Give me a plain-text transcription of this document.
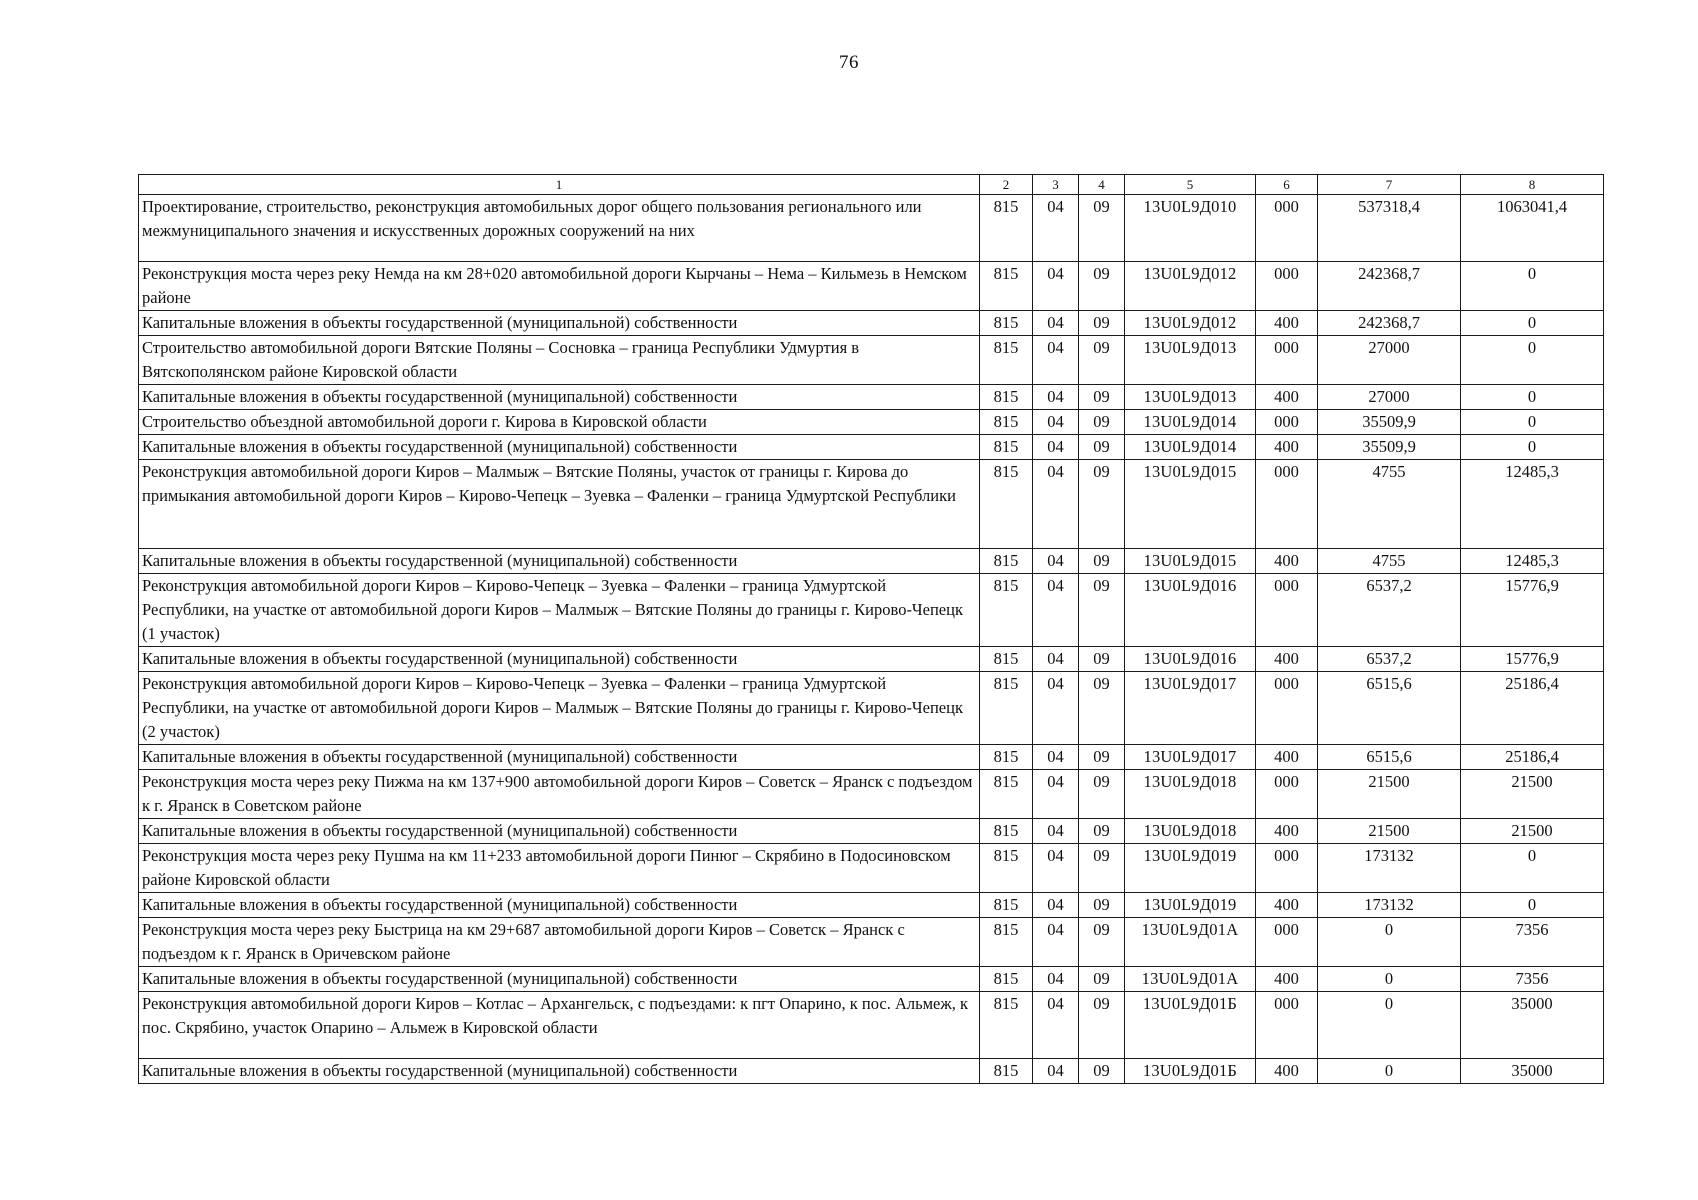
76
1	2	3	4	5	6	7	8
Проектирование, строительство, реконструкция автомобильных дорог общего пользования регионального или межмуниципального значения и искусственных дорожных сооружений на них	815	04	09	13U0L9Д010	000	537318,4	1063041,4
Реконструкция моста через реку Немда на км 28+020 автомобильной дороги Кырчаны – Нема – Кильмезь в Немском районе	815	04	09	13U0L9Д012	000	242368,7	0
Капитальные вложения в объекты государственной (муниципальной) собственности	815	04	09	13U0L9Д012	400	242368,7	0
Строительство автомобильной дороги Вятские Поляны – Сосновка – граница Республики Удмуртия в Вятскополянском районе Кировской области	815	04	09	13U0L9Д013	000	27000	0
Капитальные вложения в объекты государственной (муниципальной) собственности	815	04	09	13U0L9Д013	400	27000	0
Строительство объездной автомобильной дороги г. Кирова в Кировской области	815	04	09	13U0L9Д014	000	35509,9	0
Капитальные вложения в объекты государственной (муниципальной) собственности	815	04	09	13U0L9Д014	400	35509,9	0
Реконструкция автомобильной дороги Киров – Малмыж – Вятские Поляны, участок от границы г. Кирова до примыкания автомобильной дороги Киров – Кирово-Чепецк – Зуевка – Фаленки – граница Удмуртской Республики	815	04	09	13U0L9Д015	000	4755	12485,3
Капитальные вложения в объекты государственной (муниципальной) собственности	815	04	09	13U0L9Д015	400	4755	12485,3
Реконструкция автомобильной дороги Киров – Кирово-Чепецк – Зуевка – Фаленки – граница Удмуртской Республики, на участке от автомобильной дороги Киров – Малмыж – Вятские Поляны до границы г. Кирово-Чепецк (1 участок)	815	04	09	13U0L9Д016	000	6537,2	15776,9
Капитальные вложения в объекты государственной (муниципальной) собственности	815	04	09	13U0L9Д016	400	6537,2	15776,9
Реконструкция автомобильной дороги Киров – Кирово-Чепецк – Зуевка – Фаленки – граница Удмуртской Республики, на участке от автомобильной дороги Киров – Малмыж – Вятские Поляны до границы г. Кирово-Чепецк (2 участок)	815	04	09	13U0L9Д017	000	6515,6	25186,4
Капитальные вложения в объекты государственной (муниципальной) собственности	815	04	09	13U0L9Д017	400	6515,6	25186,4
Реконструкция моста через реку Пижма на км 137+900 автомобильной дороги Киров – Советск – Яранск с подъездом к г. Яранск в Советском районе	815	04	09	13U0L9Д018	000	21500	21500
Капитальные вложения в объекты государственной (муниципальной) собственности	815	04	09	13U0L9Д018	400	21500	21500
Реконструкция моста через реку Пушма на км 11+233 автомобильной дороги Пинюг – Скрябино в Подосиновском районе Кировской области	815	04	09	13U0L9Д019	000	173132	0
Капитальные вложения в объекты государственной (муниципальной) собственности	815	04	09	13U0L9Д019	400	173132	0
Реконструкция моста через реку Быстрица на км 29+687 автомобильной дороги Киров – Советск – Яранск с подъездом к г. Яранск в Оричевском районе	815	04	09	13U0L9Д01А	000	0	7356
Капитальные вложения в объекты государственной (муниципальной) собственности	815	04	09	13U0L9Д01А	400	0	7356
Реконструкция автомобильной дороги Киров – Котлас – Архангельск, с подъездами: к пгт Опарино, к пос. Альмеж, к пос. Скрябино, участок Опарино – Альмеж в Кировской области	815	04	09	13U0L9Д01Б	000	0	35000
Капитальные вложения в объекты государственной (муниципальной) собственности	815	04	09	13U0L9Д01Б	400	0	35000
